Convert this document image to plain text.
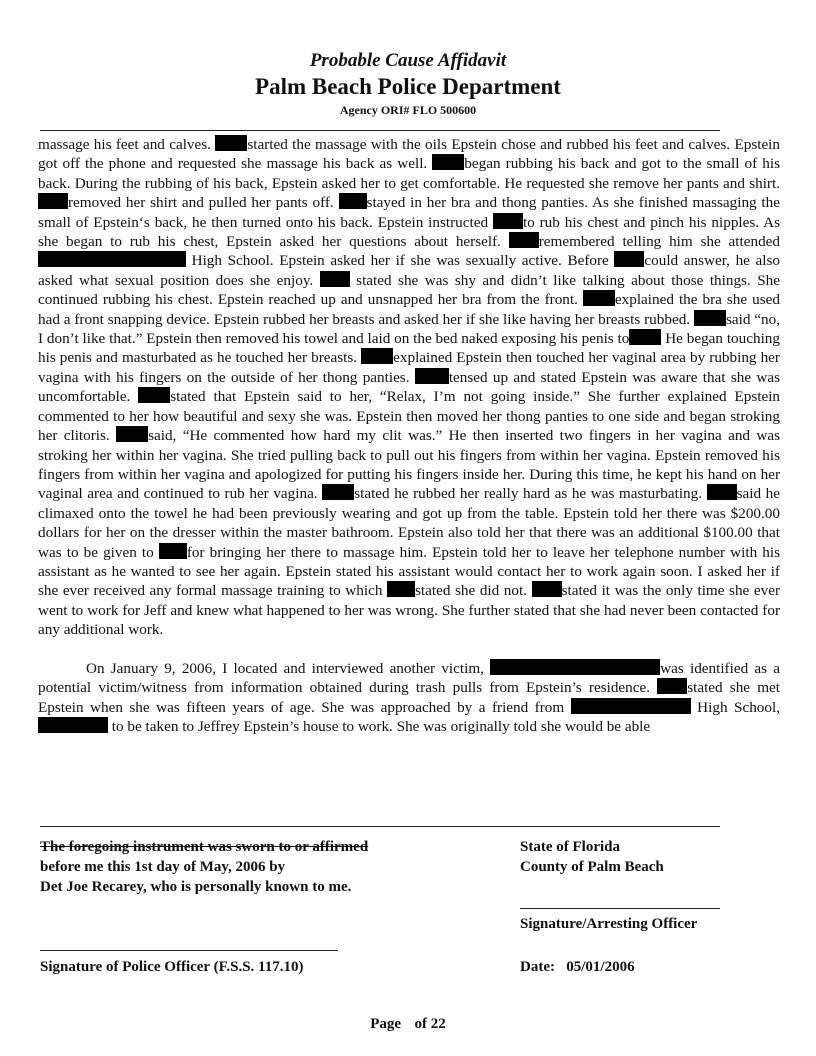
Probable Cause Affidavit
Palm Beach Police Department
Agency ORI# FLO 500600

massage his feet and calves. started the massage with the oils Epstein chose and rubbed his feet and calves. Epstein got off the phone and requested she massage his back as well. began rubbing his back and got to the small of his back. During the rubbing of his back, Epstein asked her to get comfortable. He requested she remove her pants and shirt. removed her shirt and pulled her pants off. stayed in her bra and thong panties. As she finished massaging the small of Epstein‘s back, he then turned onto his back. Epstein instructed to rub his chest and pinch his nipples. As she began to rub his chest, Epstein asked her questions about herself. remembered telling him she attended  High School. Epstein asked her if she was sexually active. Before could answer, he also asked what sexual position does she enjoy.  stated she was shy and didn’t like talking about those things. She continued rubbing his chest. Epstein reached up and unsnapped her bra from the front. explained the bra she used had a front snapping device. Epstein rubbed her breasts and asked her if she like having her breasts rubbed. said “no, I don’t like that.” Epstein then removed his towel and laid on the bed naked exposing his penis to He began touching his penis and masturbated as he touched her breasts. explained Epstein then touched her vaginal area by rubbing her vagina with his fingers on the outside of her thong panties. tensed up and stated Epstein was aware that she was uncomfortable. stated that Epstein said to her, “Relax, I’m not going inside.” She further explained Epstein commented to her how beautiful and sexy she was. Epstein then moved her thong panties to one side and began stroking her clitoris. said, “He commented how hard my clit was.” He then inserted two fingers in her vagina and was stroking her within her vagina. She tried pulling back to pull out his fingers from within her vagina. Epstein removed his fingers from within her vagina and apologized for putting his fingers inside her. During this time, he kept his hand on her vaginal area and continued to rub her vagina. stated he rubbed her really hard as he was masturbating. said he climaxed onto the towel he had been previously wearing and got up from the table. Epstein told her there was $200.00 dollars for her on the dresser within the master bathroom. Epstein also told her that there was an additional $100.00 that was to be given to for bringing her there to massage him. Epstein told her to leave her telephone number with his assistant as he wanted to see her again. Epstein stated his assistant would contact her to work again soon. I asked her if she ever received any formal massage training to which stated she did not. stated it was the only time she ever went to work for Jeff and knew what happened to her was wrong. She further stated that she had never been contacted for any additional work.

On January 9, 2006, I located and interviewed another victim,	was identified as a potential victim/witness from information obtained during trash pulls from Epstein’s residence. stated she met Epstein when she was fifteen years of age. She was approached by a friend from	High School,  to be taken to Jeffrey Epstein’s house to work. She was originally told she would be able

The foregoing instrument was sworn to or affirmed
before me this 1st day of May, 2006 by
Det Joe Recarey, who is personally known to me.
State of Florida
County of Palm Beach
Signature/Arresting Officer
Signature of Police Officer (F.S.S. 117.10)	Date: 05/01/2006
Page of 22
